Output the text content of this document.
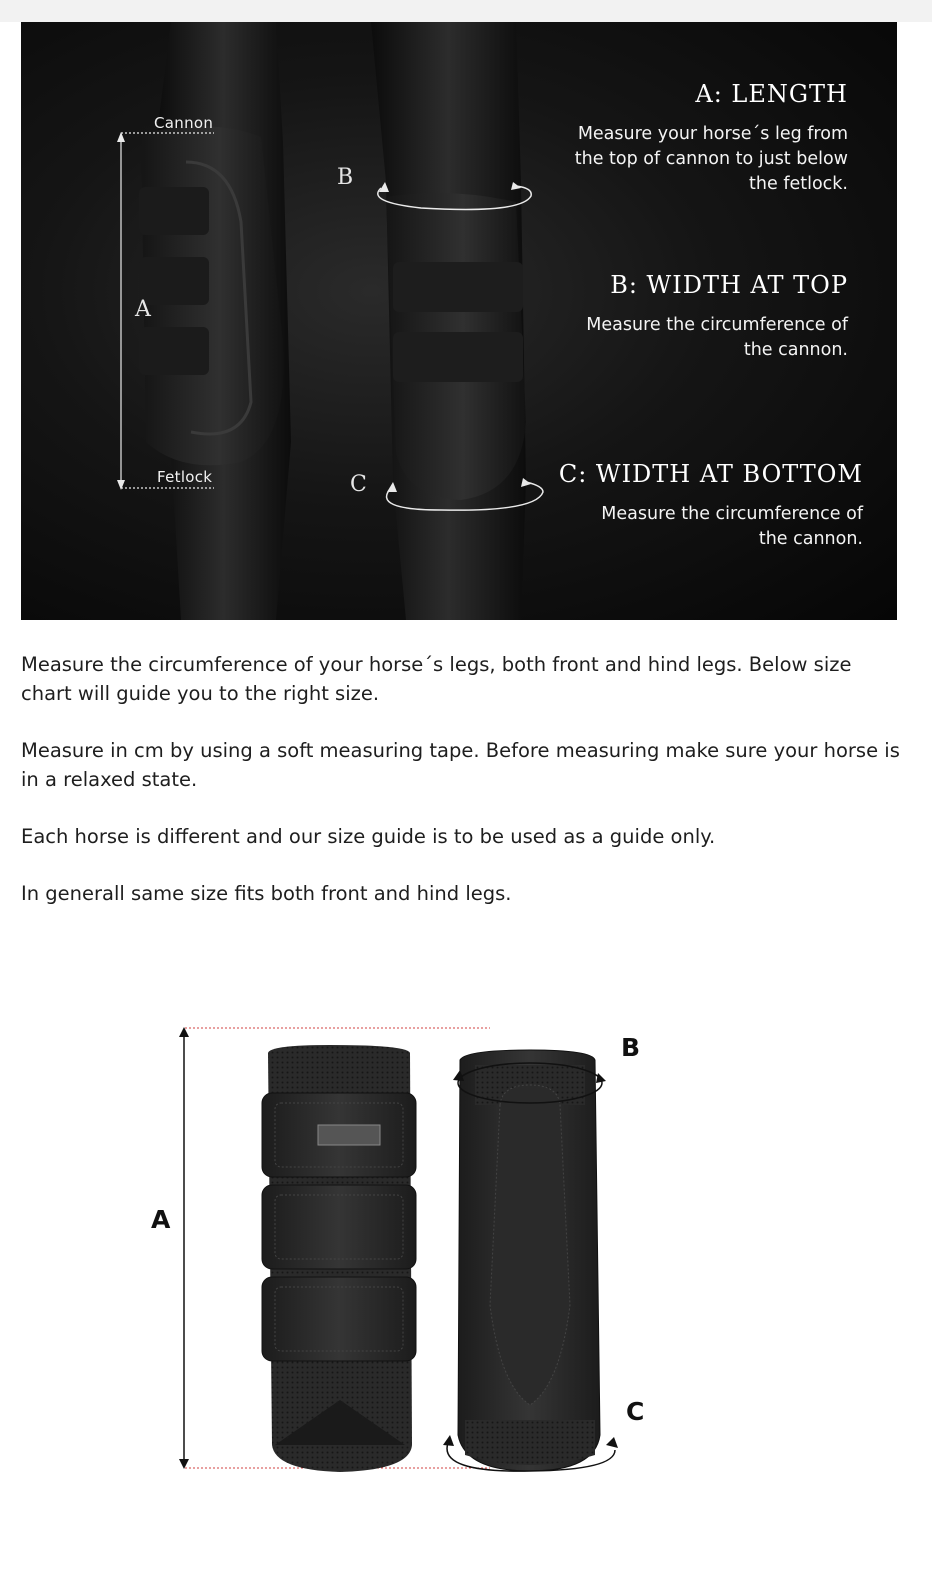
Cannon
Fetlock
A
B
C
A: LENGTH
Measure your horse´s leg from
the top of cannon to just below
the fetlock.
B: WIDTH AT TOP
Measure the circumference of
the cannon.
C: WIDTH AT BOTTOM
Measure the circumference of
the cannon.

Measure the circumference of your horse´s legs, both front and hind legs. Below size chart will guide you to the right size.

Measure in cm by using a soft measuring tape. Before measuring make sure your horse is in a relaxed state.

Each horse is different and our size guide is to be used as a guide only.

In generall same size fits both front and hind legs.

A
B
C
